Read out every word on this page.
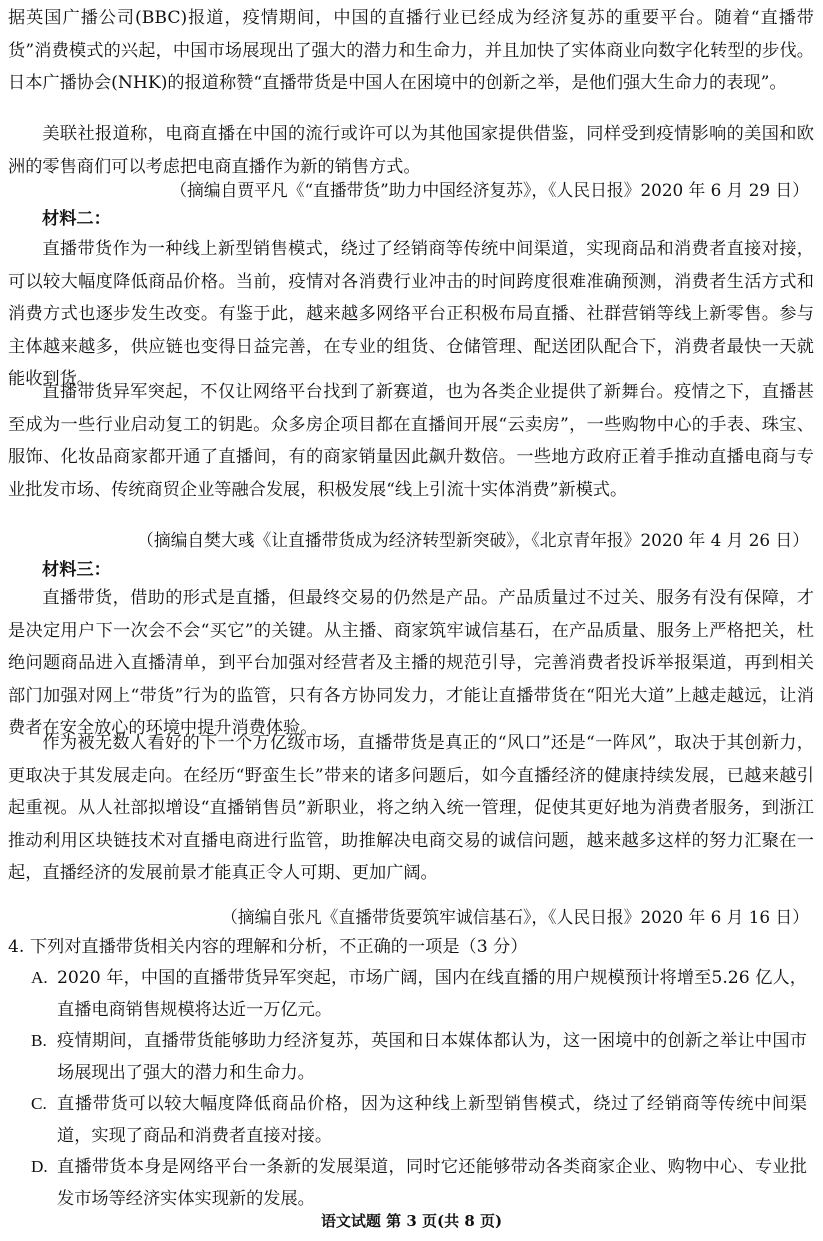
据英国广播公司(BBC)报道，疫情期间，中国的直播行业已经成为经济复苏的重要平台。随着“直播带货”消费模式的兴起，中国市场展现出了强大的潜力和生命力，并且加快了实体商业向数字化转型的步伐。日本广播协会(NHK)的报道称赞“直播带货是中国人在困境中的创新之举，是他们强大生命力的表现”。

美联社报道称，电商直播在中国的流行或许可以为其他国家提供借鉴，同样受到疫情影响的美国和欧洲的零售商们可以考虑把电商直播作为新的销售方式。

（摘编自贾平凡《“直播带货”助力中国经济复苏》，《人民日报》2020 年 6 月 29 日）

材料二：

直播带货作为一种线上新型销售模式，绕过了经销商等传统中间渠道，实现商品和消费者直接对接，可以较大幅度降低商品价格。当前，疫情对各消费行业冲击的时间跨度很难准确预测，消费者生活方式和消费方式也逐步发生改变。有鉴于此，越来越多网络平台正积极布局直播、社群营销等线上新零售。参与主体越来越多，供应链也变得日益完善，在专业的组货、仓储管理、配送团队配合下，消费者最快一天就能收到货。

直播带货异军突起，不仅让网络平台找到了新赛道，也为各类企业提供了新舞台。疫情之下，直播甚至成为一些行业启动复工的钥匙。众多房企项目都在直播间开展“云卖房”，一些购物中心的手表、珠宝、服饰、化妆品商家都开通了直播间，有的商家销量因此飙升数倍。一些地方政府正着手推动直播电商与专业批发市场、传统商贸企业等融合发展，积极发展“线上引流十实体消费”新模式。

（摘编自樊大彧《让直播带货成为经济转型新突破》，《北京青年报》2020 年 4 月 26 日）

材料三：

直播带货，借助的形式是直播，但最终交易的仍然是产品。产品质量过不过关、服务有没有保障，才是决定用户下一次会不会“买它”的关键。从主播、商家筑牢诚信基石，在产品质量、服务上严格把关，杜绝问题商品进入直播清单，到平台加强对经营者及主播的规范引导，完善消费者投诉举报渠道，再到相关部门加强对网上“带货”行为的监管，只有各方协同发力，才能让直播带货在“阳光大道”上越走越远，让消费者在安全放心的环境中提升消费体验。

作为被无数人看好的下一个万亿级市场，直播带货是真正的“风口”还是“一阵风”，取决于其创新力，更取决于其发展走向。在经历“野蛮生长”带来的诸多问题后，如今直播经济的健康持续发展，已越来越引起重视。从人社部拟增设“直播销售员”新职业，将之纳入统一管理，促使其更好地为消费者服务，到浙江推动利用区块链技术对直播电商进行监管，助推解决电商交易的诚信问题，越来越多这样的努力汇聚在一起，直播经济的发展前景才能真正令人可期、更加广阔。

（摘编自张凡《直播带货要筑牢诚信基石》，《人民日报》2020 年 6 月 16 日）

4. 下列对直播带货相关内容的理解和分析，不正确的一项是（3 分）

A. 2020 年，中国的直播带货异军突起，市场广阔，国内在线直播的用户规模预计将增至5.26 亿人，直播电商销售规模将达近一万亿元。
B. 疫情期间，直播带货能够助力经济复苏，英国和日本媒体都认为，这一困境中的创新之举让中国市场展现出了强大的潜力和生命力。
C. 直播带货可以较大幅度降低商品价格，因为这种线上新型销售模式，绕过了经销商等传统中间渠道，实现了商品和消费者直接对接。
D. 直播带货本身是网络平台一条新的发展渠道，同时它还能够带动各类商家企业、购物中心、专业批发市场等经济实体实现新的发展。

语文试题 第 3 页(共 8 页)
